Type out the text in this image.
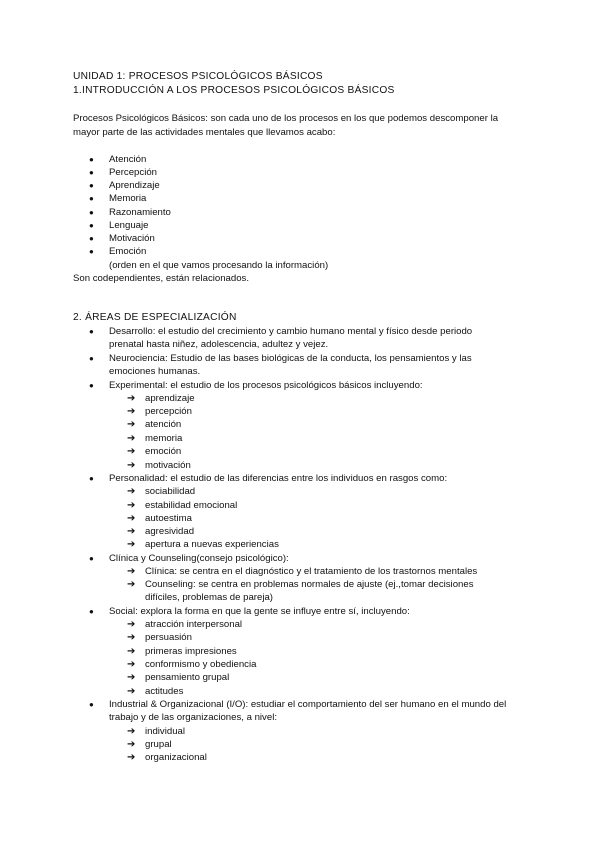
UNIDAD 1: PROCESOS PSICOLÓGICOS BÁSICOS
1.INTRODUCCIÓN A LOS PROCESOS PSICOLÓGICOS BÁSICOS
Procesos Psicológicos Básicos: son cada uno de los procesos en los que podemos descomponer la
mayor parte de las actividades mentales que llevamos acabo:
● Atención
● Percepción
● Aprendizaje
● Memoria
● Razonamiento
● Lenguaje
● Motivación
● Emoción
(orden en el que vamos procesando la información)
Son codependientes, están relacionados.
2. ÁREAS DE ESPECIALIZACIÓN
● Desarrollo: el estudio del crecimiento y cambio humano mental y físico desde periodo
prenatal hasta niñez, adolescencia, adultez y vejez.
● Neurociencia: Estudio de las bases biológicas de la conducta, los pensamientos y las
emociones humanas.
● Experimental: el estudio de los procesos psicológicos básicos incluyendo:
➔ aprendizaje
➔ percepción
➔ atención
➔ memoria
➔ emoción
➔ motivación
● Personalidad: el estudio de las diferencias entre los individuos en rasgos como:
➔ sociabilidad
➔ estabilidad emocional
➔ autoestima
➔ agresividad
➔ apertura a nuevas experiencias
● Clínica y Counseling(consejo psicológico):
➔ Clínica: se centra en el diagnóstico y el tratamiento de los trastornos mentales
➔ Counseling: se centra en problemas normales de ajuste (ej.,tomar decisiones
difíciles, problemas de pareja)
● Social: explora la forma en que la gente se influye entre sí, incluyendo:
➔ atracción interpersonal
➔ persuasión
➔ primeras impresiones
➔ conformismo y obediencia
➔ pensamiento grupal
➔ actitudes
● Industrial & Organizacional (I/O): estudiar el comportamiento del ser humano en el mundo del
trabajo y de las organizaciones, a nivel:
➔ individual
➔ grupal
➔ organizacional
